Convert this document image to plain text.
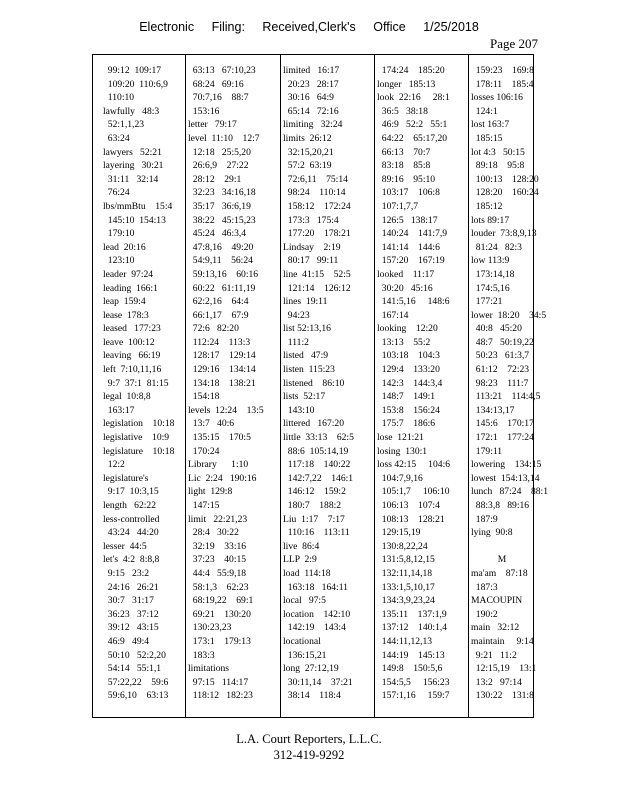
Electronic Filing: Received,Clerk's Office 1/25/2018
Page 207
99:12  109:17
109:20  110:6,9
110:10
lawfully   48:3
52:1,1,23
63:24
lawyers   52:21
layering   30:21
31:11   32:14
76:24
lbs/mmBtu    15:4
145:10  154:13
179:10
lead  20:16
123:10
leader  97:24
leading  166:1
leap  159:4
lease  178:3
leased   177:23
leave  100:12
leaving   66:19
left  7:10,11,16
9:7  37:1  81:15
legal  10:8,8
163:17
legislation    10:18
legislative    10:9
legislature    10:18
12:2
legislature's
9:17  10:3,15
length   62:22
less-controlled
43:24   44:20
lesser  44:5
let's  4:2  8:8,8
9:15   23:2
24:16   26:21
30:7   31:17
36:23   37:12
39:12   43:15
46:9   49:4
50:10   52:2,20
54:14   55:1,1
57:22,22    59:6
59:6,10    63:13
63:13   67:10,23
68:24   69:16
70:7,16    88:7
153:16
letter   79:17
level  11:10    12:7
12:18   25:5,20
26:6,9    27:22
28:12    29:1
32:23   34:16,18
35:17   36:6,19
38:22   45:15,23
45:24   46:3,4
47:8,16    49:20
54:9,11    56:24
59:13,16    60:16
60:22   61:11,19
62:2,16    64:4
66:1,17    67:9
72:6   82:20
112:24    113:3
128:17    129:14
129:16    134:14
134:18    138:21
154:18
levels  12:24    13:5
13:7   40:6
135:15    170:5
170:24
Library      1:10
Lic  2:24   190:16
light  129:8
147:15
limit   22:21,23
28:4   30:22
32:19    33:16
37:23    40:15
44:4   55:9,18
58:1,3    62:23
68:19,22    69:1
69:21    130:20
130:23,23
173:1    179:13
183:3
limitations
97:15   114:17
118:12   182:23
limited   16:17
20:23   28:17
30:16   64:9
65:14   72:16
limiting   32:24
limits  26:12
32:15,20,21
57:2  63:19
72:6,11    75:14
98:24    110:14
158:12    172:24
173:3   175:4
177:20    178:21
Lindsay    2:19
80:17   99:11
line  41:15    52:5
121:14    126:12
lines  19:11
94:23
list 52:13,16
111:2
listed   47:9
listen  115:23
listened    86:10
lists  52:17
143:10
littered   167:20
little  33:13    62:5
88:6  105:14,19
117:18    140:22
142:7,22    146:1
146:12    159:2
180:7    188:2
Liu  1:17    7:17
110:16    113:11
live  86:4
LLP  2:9
load  114:18
163:18   164:11
local   97:5
location    142:10
142:19    143:4
locational
136:15,21
long  27:12,19
30:11,14    37:21
38:14    118:4
174:24    185:20
longer   185:13
look  22:16     28:1
36:5   38:18
46:9   52:2   55:1
64:22    65:17,20
66:13    70:7
83:18    85:8
89:16    95:10
103:17    106:8
107:1,7,7
126:5   138:17
140:24    141:7,9
141:14    144:6
157:20    167:19
looked    11:17
30:20   45:16
141:5,16     148:6
167:14
looking    12:20
13:13    55:2
103:18    104:3
129:4    133:20
142:3    144:3,4
148:7    149:1
153:8    156:24
175:7    186:6
lose  121:21
losing  130:1
loss 42:15     104:6
104:7,9,16
105:1,7     106:10
106:13    107:4
108:13    128:21
129:15,19
130:8,22,24
131:5,8,12,15
132:11,14,18
133:1,5,10,17
134:3,9,23,24
135:11    137:1,9
137:12    140:1,4
144:11,12,13
144:19    145:13
149:8    150:5,6
154:5,5     156:23
157:1,16     159:7
159:23    169:8
178:11    185:4
losses 106:16
124:1
lost 163:7
185:15
lot 4:3   50:15
89:18    95:8
100:13    128:20
128:20    160:24
185:12
lots 89:17
louder  73:8,9,13
81:24   82:3
low 113:9
173:14,18
174:5,16
177:21
lower  18:20    34:5
40:8   45:20
48:7   50:19,22
50:23   61:3,7
61:12    72:23
98:23    111:7
113:21    114:4,5
134:13,17
145:6    170:17
172:1    177:24
179:11
lowering    134:15
lowest  154:13,14
lunch   87:24    88:1
88:3,8   89:16
187:9
lying  90:8
M
ma'am    87:18
187:3
MACOUPIN
190:2
main   32:12
maintain     9:14
9:21   11:2
12:15,19    13:1
13:2   97:14
130:22    131:8
L.A. Court Reporters, L.L.C.
312-419-9292
